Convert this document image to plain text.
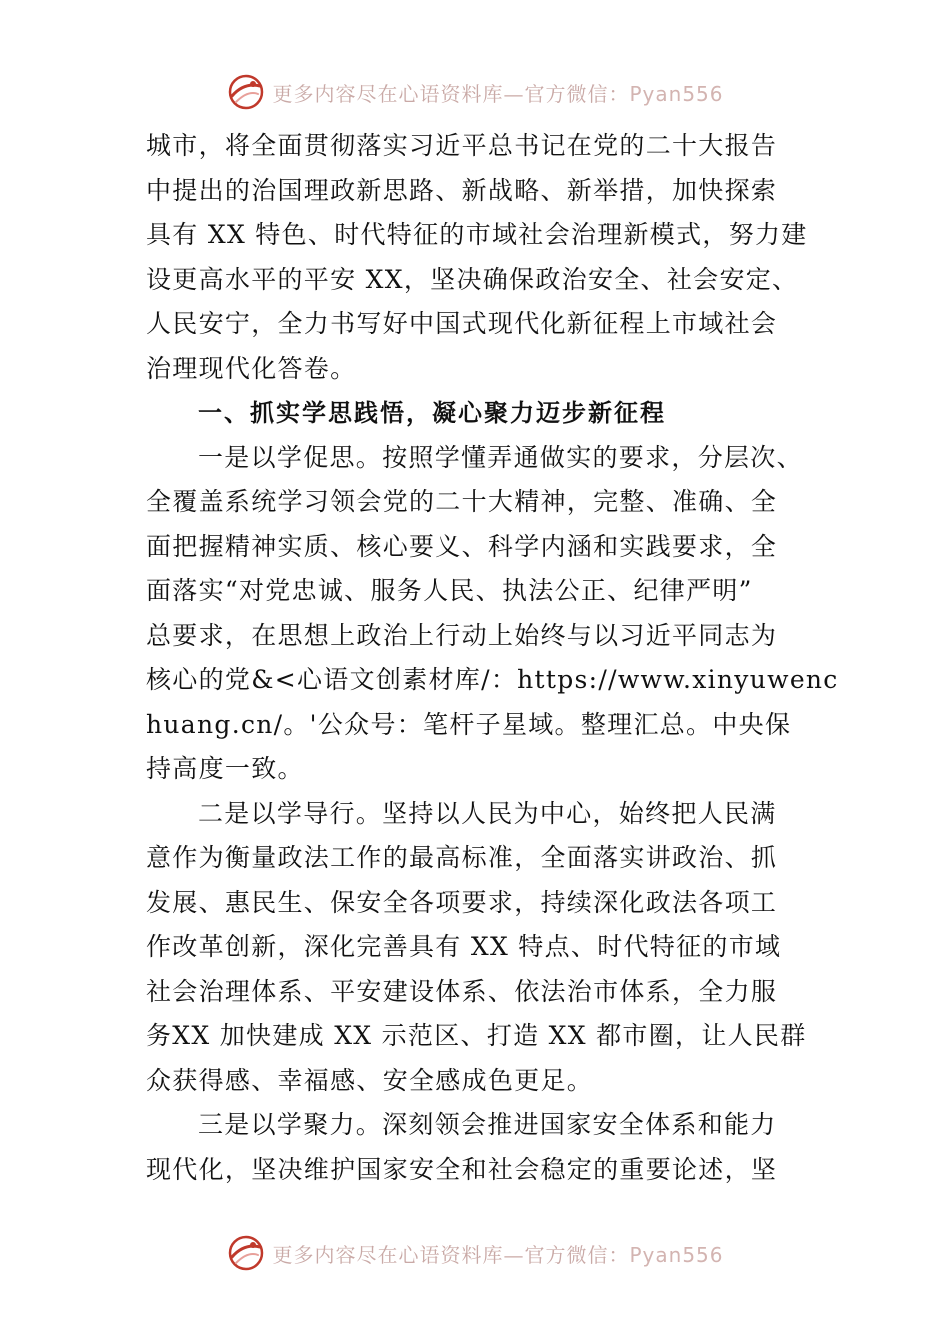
更多内容尽在心语资料库—官方微信：Pyan556
城市，将全面贯彻落实习近平总书记在党的二十大报告
中提出的治国理政新思路、新战略、新举措，加快探索
具有 XX 特色、时代特征的市域社会治理新模式，努力建
设更高水平的平安 XX，坚决确保政治安全、社会安定、
人民安宁，全力书写好中国式现代化新征程上市域社会
治理现代化答卷。
一、抓实学思践悟，凝心聚力迈步新征程
一是以学促思。按照学懂弄通做实的要求，分层次、
全覆盖系统学习领会党的二十大精神，完整、准确、全
面把握精神实质、核心要义、科学内涵和实践要求，全
面落实“对党忠诚、服务人民、执法公正、纪律严明”
总要求，在思想上政治上行动上始终与以习近平同志为
核心的党&<心语文创素材库/：https://www.xinyuwenc
huang.cn/。'公众号：笔杆子星域。整理汇总。中央保
持高度一致。
二是以学导行。坚持以人民为中心，始终把人民满
意作为衡量政法工作的最高标准，全面落实讲政治、抓
发展、惠民生、保安全各项要求，持续深化政法各项工
作改革创新，深化完善具有 XX 特点、时代特征的市域
社会治理体系、平安建设体系、依法治市体系，全力服
务XX 加快建成 XX 示范区、打造 XX 都市圈，让人民群
众获得感、幸福感、安全感成色更足。
三是以学聚力。深刻领会推进国家安全体系和能力
现代化，坚决维护国家安全和社会稳定的重要论述，坚
更多内容尽在心语资料库—官方微信：Pyan556
